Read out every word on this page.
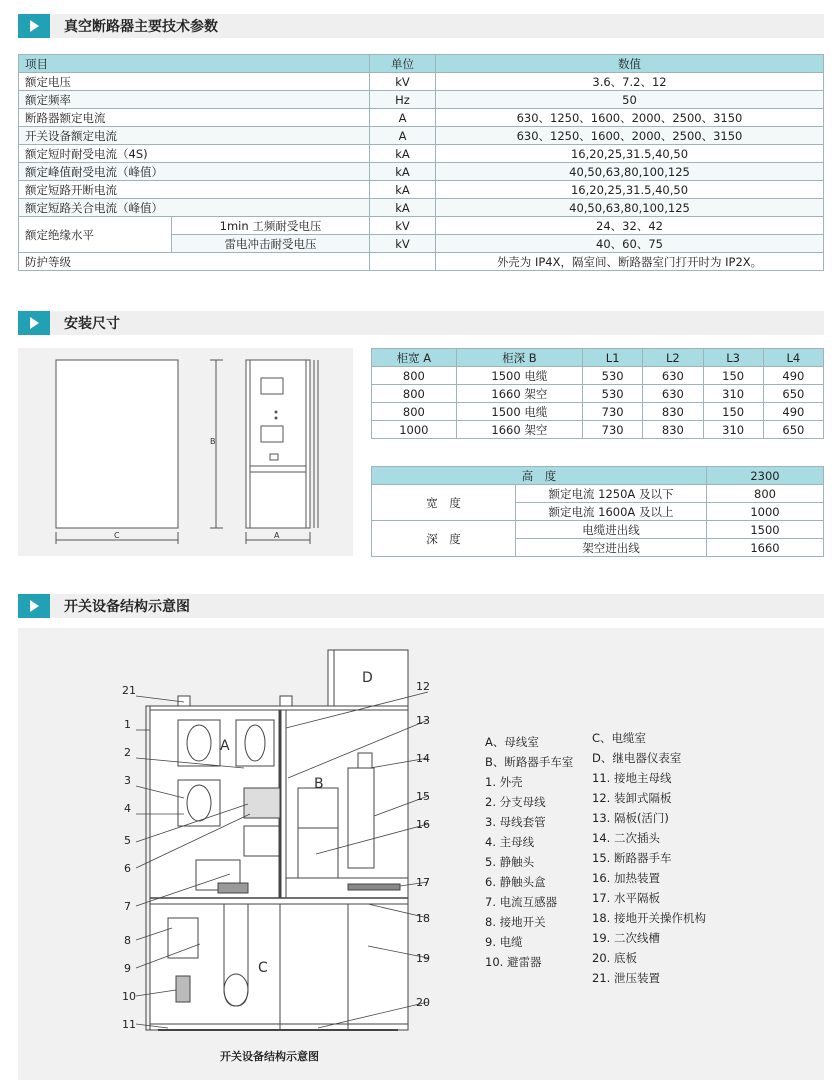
真空断路器主要技术参数
项目		单位	数值
额定电压		kV	3.6、7.2、12
额定频率		Hz	50
断路器额定电流		A	630、1250、1600、2000、2500、3150
开关设备额定电流		A	630、1250、1600、2000、2500、3150
额定短时耐受电流（4S)		kA	16,20,25,31.5,40,50
额定峰值耐受电流（峰值）		kA	40,50,63,80,100,125
额定短路开断电流		kA	16,20,25,31.5,40,50
额定短路关合电流（峰值）		kA	40,50,63,80,100,125
额定绝缘水平	1min 工频耐受电压	kV	24、32、42
	雷电冲击耐受电压	kV	40、60、75
防护等级			外壳为 IP4X，隔室间、断路器室门打开时为 IP2X。
安装尺寸
C
B
A
柜宽 A	柜深 B	L1	L2	L3	L4
800	1500 电缆	530	630	150	490
800	1660 架空	530	630	310	650
800	1500 电缆	730	830	150	490
1000	1660 架空	730	830	310	650
高　度		2300
宽　度	额定电流 1250A 及以下	800
	额定电流 1600A 及以上	1000
深　度	电缆进出线	1500
	架空进出线	1660
开关设备结构示意图
A
B
C
D
21
1
2
3
4
5
6
7
8
9
10
11
12
13
14
15
16
17
18
19
20
A、母线室
B、断路器手车室
1. 外壳
2. 分支母线
3. 母线套管
4. 主母线
5. 静触头
6. 静触头盒
7. 电流互感器
8. 接地开关
9. 电缆
10. 避雷器
C、电缆室
D、继电器仪表室
11. 接地主母线
12. 装卸式隔板
13. 隔板(活门)
14. 二次插头
15. 断路器手车
16. 加热装置
17. 水平隔板
18. 接地开关操作机构
19. 二次线槽
20. 底板
21. 泄压装置
开关设备结构示意图
